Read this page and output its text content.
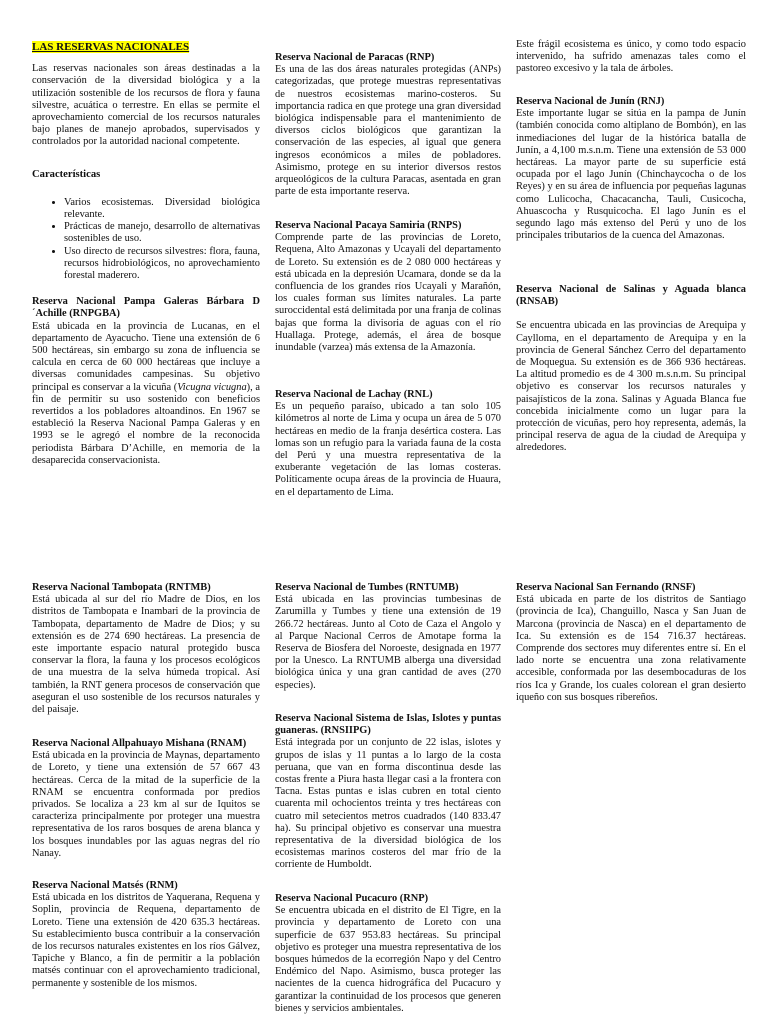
LAS RESERVAS NACIONALES

Las reservas nacionales son áreas destinadas a la conservación de la diversidad biológica y a la utilización sostenible de los recursos de flora y fauna silvestre, acuática o terrestre. En ellas se permite el aprovechamiento comercial de los recursos naturales bajo planes de manejo aprobados, supervisados y controlados por la autoridad nacional competente.

Características

• Varios ecosistemas. Diversidad biológica relevante.
• Prácticas de manejo, desarrollo de alternativas sostenibles de uso.
• Uso directo de recursos silvestres: flora, fauna, recursos hidrobiológicos, no aprovechamiento forestal maderero.
Reserva Nacional Pampa Galeras Bárbara D´Achille (RNPGBA)

Está ubicada en la provincia de Lucanas, en el departamento de Ayacucho. Tiene una extensión de 6 500 hectáreas, sin embargo su zona de influencia se calcula en cerca de 60 000 hectáreas que incluye a diversas comunidades campesinas. Su objetivo principal es conservar a la vicuña (Vicugna vicugna), a fin de permitir su uso sostenido con beneficios revertidos a los pobladores altoandinos. En 1967 se estableció la Reserva Nacional Pampa Galeras y en 1993 se le agregó el nombre de la reconocida periodista Bárbara D’Achille, en memoria de la desaparecida conservacionista.

Reserva Nacional Tambopata (RNTMB)

Está ubicada al sur del río Madre de Dios, en los distritos de Tambopata e Inambari de la provincia de Tambopata, departamento de Madre de Dios; y su extensión es de 274 690 hectáreas. La presencia de este importante espacio natural protegido busca conservar la flora, la fauna y los procesos ecológicos de una muestra de la selva húmeda tropical. Así también, la RNT genera procesos de conservación que aseguran el uso sostenible de los recursos naturales y del paisaje.

Reserva Nacional Allpahuayo Mishana (RNAM)

Está ubicada en la provincia de Maynas, departamento de Loreto, y tiene una extensión de 57 667 43 hectáreas. Cerca de la mitad de la superficie de la RNAM se encuentra conformada por predios privados. Se localiza a 23 km al sur de Iquitos se caracteriza principalmente por proteger una muestra representativa de los raros bosques de arena blanca y los bosques inundables por las aguas negras del río Nanay.

Reserva Nacional Matsés (RNM)

Está ubicada en los distritos de Yaquerana, Requena y Soplin, provincia de Requena, departamento de Loreto. Tiene una extensión de 420 635.3 hectáreas. Su establecimiento busca contribuir a la conservación de los recursos naturales existentes en los ríos Gálvez, Tapiche y Blanco, a fin de permitir a la población matsés continuar con el aprovechamiento tradicional, permanente y sostenible de los mismos.

Reserva Nacional de Paracas (RNP)

Es una de las dos áreas naturales protegidas (ANPs) categorizadas, que protege muestras representativas de nuestros ecosistemas marino-costeros. Su importancia radica en que protege una gran diversidad biológica indispensable para el mantenimiento de diversos ciclos biológicos que garantizan la conservación de las especies, al igual que genera ingresos económicos a miles de pobladores. Asimismo, protege en su interior diversos restos arqueológicos de la cultura Paracas, asentada en gran parte de esta importante reserva.

Reserva Nacional Pacaya Samiria (RNPS)

Comprende parte de las provincias de Loreto, Requena, Alto Amazonas y Ucayali del departamento de Loreto. Su extensión es de 2 080 000 hectáreas y está ubicada en la depresión Ucamara, donde se da la confluencia de los grandes ríos Ucayali y Marañón, los cuales forman sus límites naturales. La parte suroccidental está delimitada por una franja de colinas bajas que forma la divisoria de aguas con el río Huallaga. Protege, además, el área de bosque inundable (varzea) más extensa de la Amazonía.

Reserva Nacional de Lachay (RNL)

Es un pequeño paraíso, ubicado a tan solo 105 kilómetros al norte de Lima y ocupa un área de 5 070 hectáreas en medio de la franja desértica costera. Las lomas son un refugio para la variada fauna de la costa del Perú y una muestra representativa de la exuberante vegetación de las lomas costeras. Políticamente ocupa áreas de la provincia de Huaura, en el departamento de Lima.

Reserva Nacional de Tumbes (RNTUMB)

Está ubicada en las provincias tumbesinas de Zarumilla y Tumbes y tiene una extensión de 19 266.72 hectáreas. Junto al Coto de Caza el Angolo y al Parque Nacional Cerros de Amotape forma la Reserva de Biosfera del Noroeste, designada en 1977 por la Unesco. La RNTUMB alberga una diversidad biológica única y una gran cantidad de aves (270 especies).

Reserva Nacional Sistema de Islas, Islotes y puntas guaneras. (RNSIIPG)

Está integrada por un conjunto de 22 islas, islotes y grupos de islas y 11 puntas a lo largo de la costa peruana, que van en forma discontinua desde las costas frente a Piura hasta llegar casi a la frontera con Tacna. Estas puntas e islas cubren en total ciento cuarenta mil ochocientos treinta y tres hectáreas con cuatro mil setecientos metros cuadrados (140 833.47 ha). Su principal objetivo es conservar una muestra representativa de la diversidad biológica de los ecosistemas marinos costeros del mar frío de la corriente de Humboldt.

Reserva Nacional Pucacuro (RNP)

Se encuentra ubicada en el distrito de El Tigre, en la provincia y departamento de Loreto con una superficie de 637 953.83 hectáreas. Su principal objetivo es proteger una muestra representativa de los bosques húmedos de la ecorregión Napo y del Centro Endémico del Napo. Asimismo, busca proteger las nacientes de la cuenca hidrográfica del Pucacuro y garantizar la continuidad de los procesos que generen bienes y servicios ambientales.

Este frágil ecosistema es único, y como todo espacio intervenido, ha sufrido amenazas tales como el pastoreo excesivo y la tala de árboles.

Reserva Nacional de Junín (RNJ)

Este importante lugar se sitúa en la pampa de Junín (también conocida como altiplano de Bombón), en las inmediaciones del lugar de la histórica batalla de Junín, a 4,100 m.s.n.m. Tiene una extensión de 53 000 hectáreas. La mayor parte de su superficie está ocupada por el lago Junín (Chinchaycocha o de los Reyes) y en su área de influencia por pequeñas lagunas como Lulicocha, Chacacancha, Tauli, Cusicocha, Ahuascocha y Rusquicocha. El lago Junín es el segundo lago más extenso del Perú y uno de los principales tributarios de la cuenca del Amazonas.

Reserva Nacional de Salinas y Aguada blanca (RNSAB)

Se encuentra ubicada en las provincias de Arequipa y Caylloma, en el departamento de Arequipa y en la provincia de General Sánchez Cerro del departamento de Moquegua. Su extensión es de 366 936 hectáreas. La altitud promedio es de 4 300 m.s.n.m. Su principal objetivo es conservar los recursos naturales y paisajísticos de la zona. Salinas y Aguada Blanca fue concebida inicialmente como un lugar para la protección de vicuñas, pero hoy representa, además, la principal reserva de agua de la ciudad de Arequipa y alrededores.

Reserva Nacional San Fernando (RNSF)

Está ubicada en parte de los distritos de Santiago (provincia de Ica), Changuillo, Nasca y San Juan de Marcona (provincia de Nasca) en el departamento de Ica. Su extensión es de 154 716.37 hectáreas. Comprende dos sectores muy diferentes entre sí. En el lado norte se encuentra una zona relativamente accesible, conformada por las desembocaduras de los ríos Ica y Grande, los cuales colorean el gran desierto iqueño con sus bosques ribereños.
